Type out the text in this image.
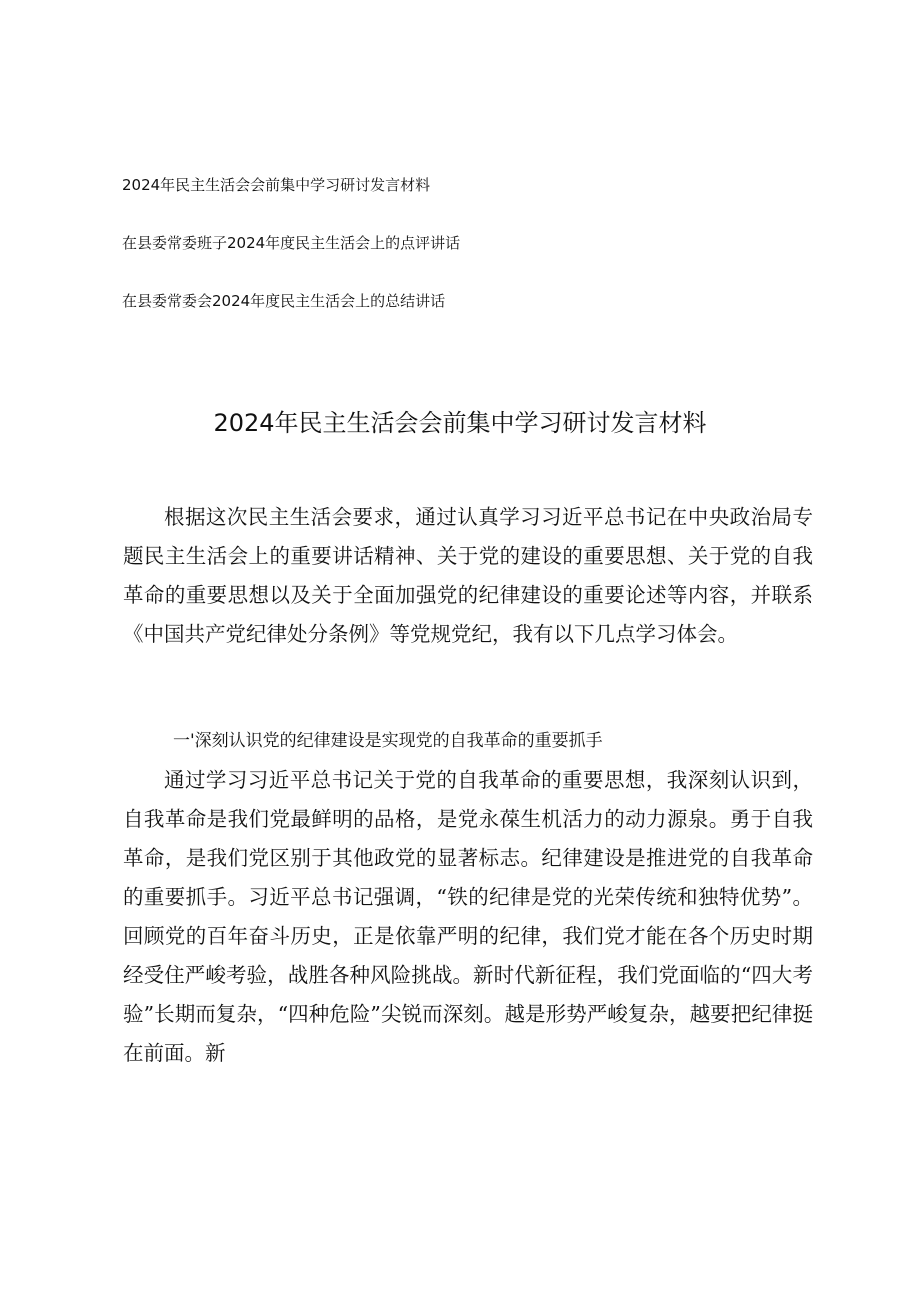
2024年民主生活会会前集中学习研讨发言材料
在县委常委班子2024年度民主生活会上的点评讲话
在县委常委会2024年度民主生活会上的总结讲话
2024年民主生活会会前集中学习研讨发言材料

根据这次民主生活会要求，通过认真学习习近平总书记在中央政治局专题民主生活会上的重要讲话精神、关于党的建设的重要思想、关于党的自我革命的重要思想以及关于全面加强党的纪律建设的重要论述等内容，并联系《中国共产党纪律处分条例》等党规党纪，我有以下几点学习体会。

一'深刻认识党的纪律建设是实现党的自我革命的重要抓手

通过学习习近平总书记关于党的自我革命的重要思想，我深刻认识到，自我革命是我们党最鲜明的品格，是党永葆生机活力的动力源泉。勇于自我革命，是我们党区别于其他政党的显著标志。纪律建设是推进党的自我革命的重要抓手。习近平总书记强调，“铁的纪律是党的光荣传统和独特优势”。回顾党的百年奋斗历史，正是依靠严明的纪律，我们党才能在各个历史时期经受住严峻考验，战胜各种风险挑战。新时代新征程，我们党面临的“四大考验”长期而复杂，“四种危险”尖锐而深刻。越是形势严峻复杂，越要把纪律挺在前面。新
